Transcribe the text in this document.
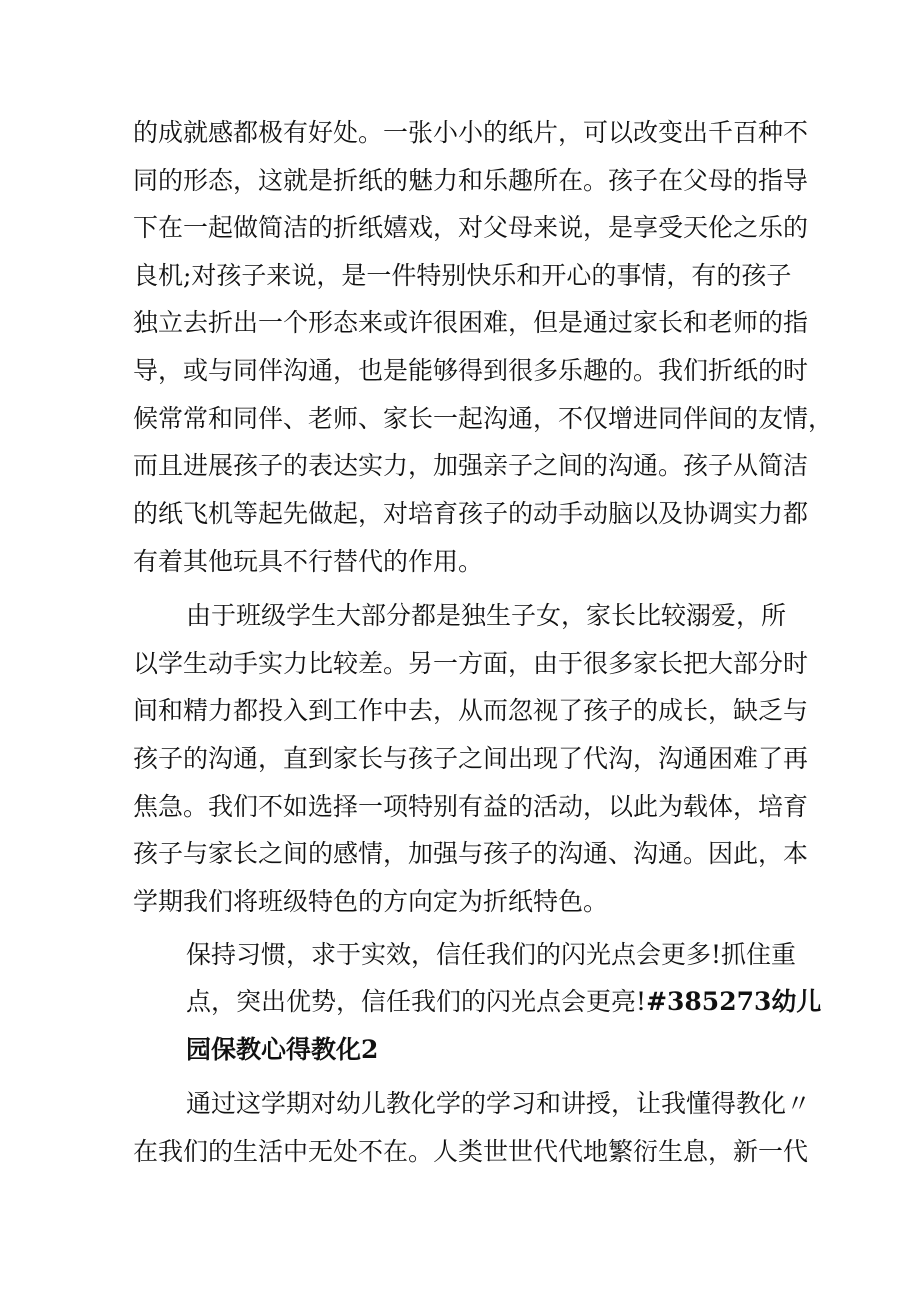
的成就感都极有好处。一张小小的纸片，可以改变出千百种不
同的形态，这就是折纸的魅力和乐趣所在。孩子在父母的指导
下在一起做简洁的折纸嬉戏，对父母来说，是享受天伦之乐的
良机;对孩子来说，是一件特别快乐和开心的事情，有的孩子
独立去折出一个形态来或许很困难，但是通过家长和老师的指
导，或与同伴沟通，也是能够得到很多乐趣的。我们折纸的时
候常常和同伴、老师、家长一起沟通，不仅增进同伴间的友情，
而且进展孩子的表达实力，加强亲子之间的沟通。孩子从简洁
的纸飞机等起先做起，对培育孩子的动手动脑以及协调实力都
有着其他玩具不行替代的作用。
由于班级学生大部分都是独生子女，家长比较溺爱，所
以学生动手实力比较差。另一方面，由于很多家长把大部分时
间和精力都投入到工作中去，从而忽视了孩子的成长，缺乏与
孩子的沟通，直到家长与孩子之间出现了代沟，沟通困难了再
焦急。我们不如选择一项特别有益的活动，以此为载体，培育
孩子与家长之间的感情，加强与孩子的沟通、沟通。因此，本
学期我们将班级特色的方向定为折纸特色。
保持习惯，求于实效，信任我们的闪光点会更多!抓住重
点，突出优势，信任我们的闪光点会更亮!#385273幼儿
园保教心得教化2
通过这学期对幼儿教化学的学习和讲授，让我懂得教化〃
在我们的生活中无处不在。人类世世代代地繁衍生息，新一代
